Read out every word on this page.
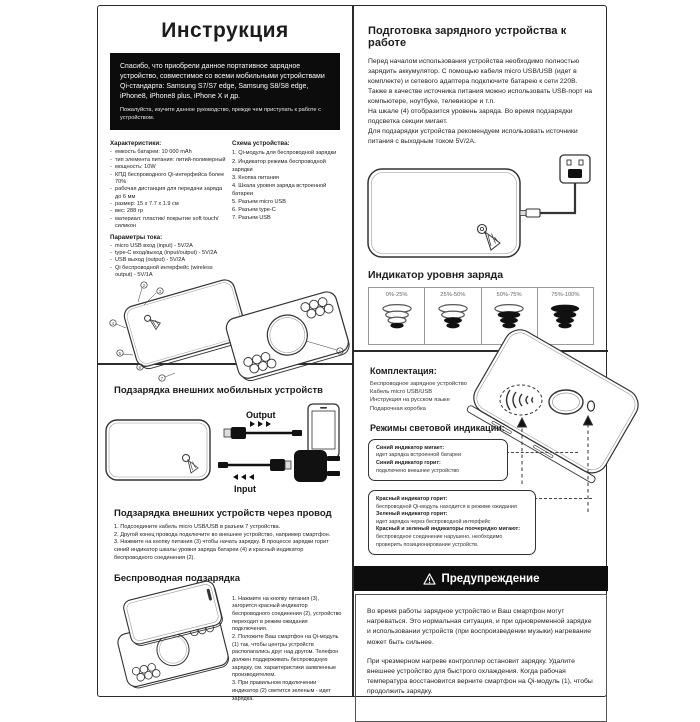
Инструкция
Спасибо, что приобрели данное портативное зарядное устройство, совместимое со всеми мобильными устройствами Qi-стандарта: Samsung S7/S7 edge, Samsung S8/S8 edge, iPhone8, iPhone8 plus, iPhone X и др.
Пожалуйста, изучите данное руководство, прежде чем приступать к работе с устройством.
Характеристики:
- емкость батареи: 10 000 mAh
- тип элемента питания: литий-полимерный
- мощность: 10W
- КПД беспроводного Qi-интерфейса более 70%
- рабочая дистанция для передачи заряда до 6 мм
- размер: 15 x 7.7 x 1.9 см
- вес: 288 гр
- материал: пластик/ покрытие soft touch/силикон
Параметры тока:
- micro USB вход (input) - 5V/2A
- type-C вход/выход (input/output) - 5V/2A
- USB выход (output) - 5V/2A
- Qi беспроводной интерфейс (wireless output) - 5V/1A
Схема устройства:
1. Qi-модуль для беспроводной зарядки
2. Индикатор режима беспроводной зарядки
3. Кнопка питания
4. Шкала уровня заряда встроенной батареи
5. Разъем micro USB
6. Разъем type-C
7. Разъем USB
3
2
4
5
6
7
1
Подготовка зарядного устройства к работе

Перед началом использования устройства необходимо полностью зарядить аккумулятор. С помощью кабеля micro USB/USB (идет в комплекте) и сетевого адаптера подключите батарею к сети 220В. Также в качестве источника питания можно использовать USB-порт на компьютере, ноутбуке, телевизоре и т.п.

На шкале (4) отобразится уровень заряда. Во время подзарядки подсветка секции мигает.

Для подзарядки устройства рекомендуем использовать источники питания с выходным током 5V/2A.

Индикатор уровня заряда
0%-25%	25%-50%	50%-75%	75%-100%
Подзарядка внешних мобильных устройств
Output
Input
Подзарядка внешних устройств через провод
1. Подсоедините кабель micro USB/USB в разъем 7 устройства.
2. Другой конец провода подключите во внешнее устройство, например смартфон.
3. Нажмите на кнопку питания (3) чтобы начать зарядку. В процессе зарядки горит синий индикатор шкалы уровня заряда батареи (4) и красный индикатор беспроводного соединения (2).
Беспроводная подзарядка
1. Нажмите на кнопку питания (3), загорится красный индикатор беспроводного соединения (2), устройство переходит в режим ожидания подключения.
2. Положите Ваш смартфон на Qi-модуль (1) так, чтобы центры устройств располагались друг над другом. Телефон должен поддерживать беспроводную зарядку, см. характеристики заявленные производителем.
3. При правильном подключении индикатор (2) светится зеленым - идет зарядка.
Комплектация:
Беспроводное зарядное устройство
Кабель micro USB/USB
Инструкция на русском языке
Подарочная коробка
Режимы световой индикации:
Синий индикатор мигает:
идет зарядка встроенной батареи
Синий индикатор горит:
подключено внешнее устройство
Красный индикатор горит:
беспроводной Qi-модуль находится в режиме ожидания
Зеленый индикатор горит:
идет зарядка через беспроводной интерфейс
Красный и зеленый индикаторы поочередно мигают:
беспроводное соединение нарушено, необходимо проверить позиционирование устройств.
Предупреждение

Во время работы зарядное устройство и Ваш смартфон могут нагреваться. Это нормальная ситуация, и при одновременной зарядке и использовании устройств (при воспроизведении музыки) нагревание может быть сильнее.

При чрезмерном нагреве контроллер остановит зарядку. Удалите внешнее устройство для быстрого охлаждения. Когда рабочая температура восстановится верните смартфон на Qi-модуль (1), чтобы продолжить зарядку.
